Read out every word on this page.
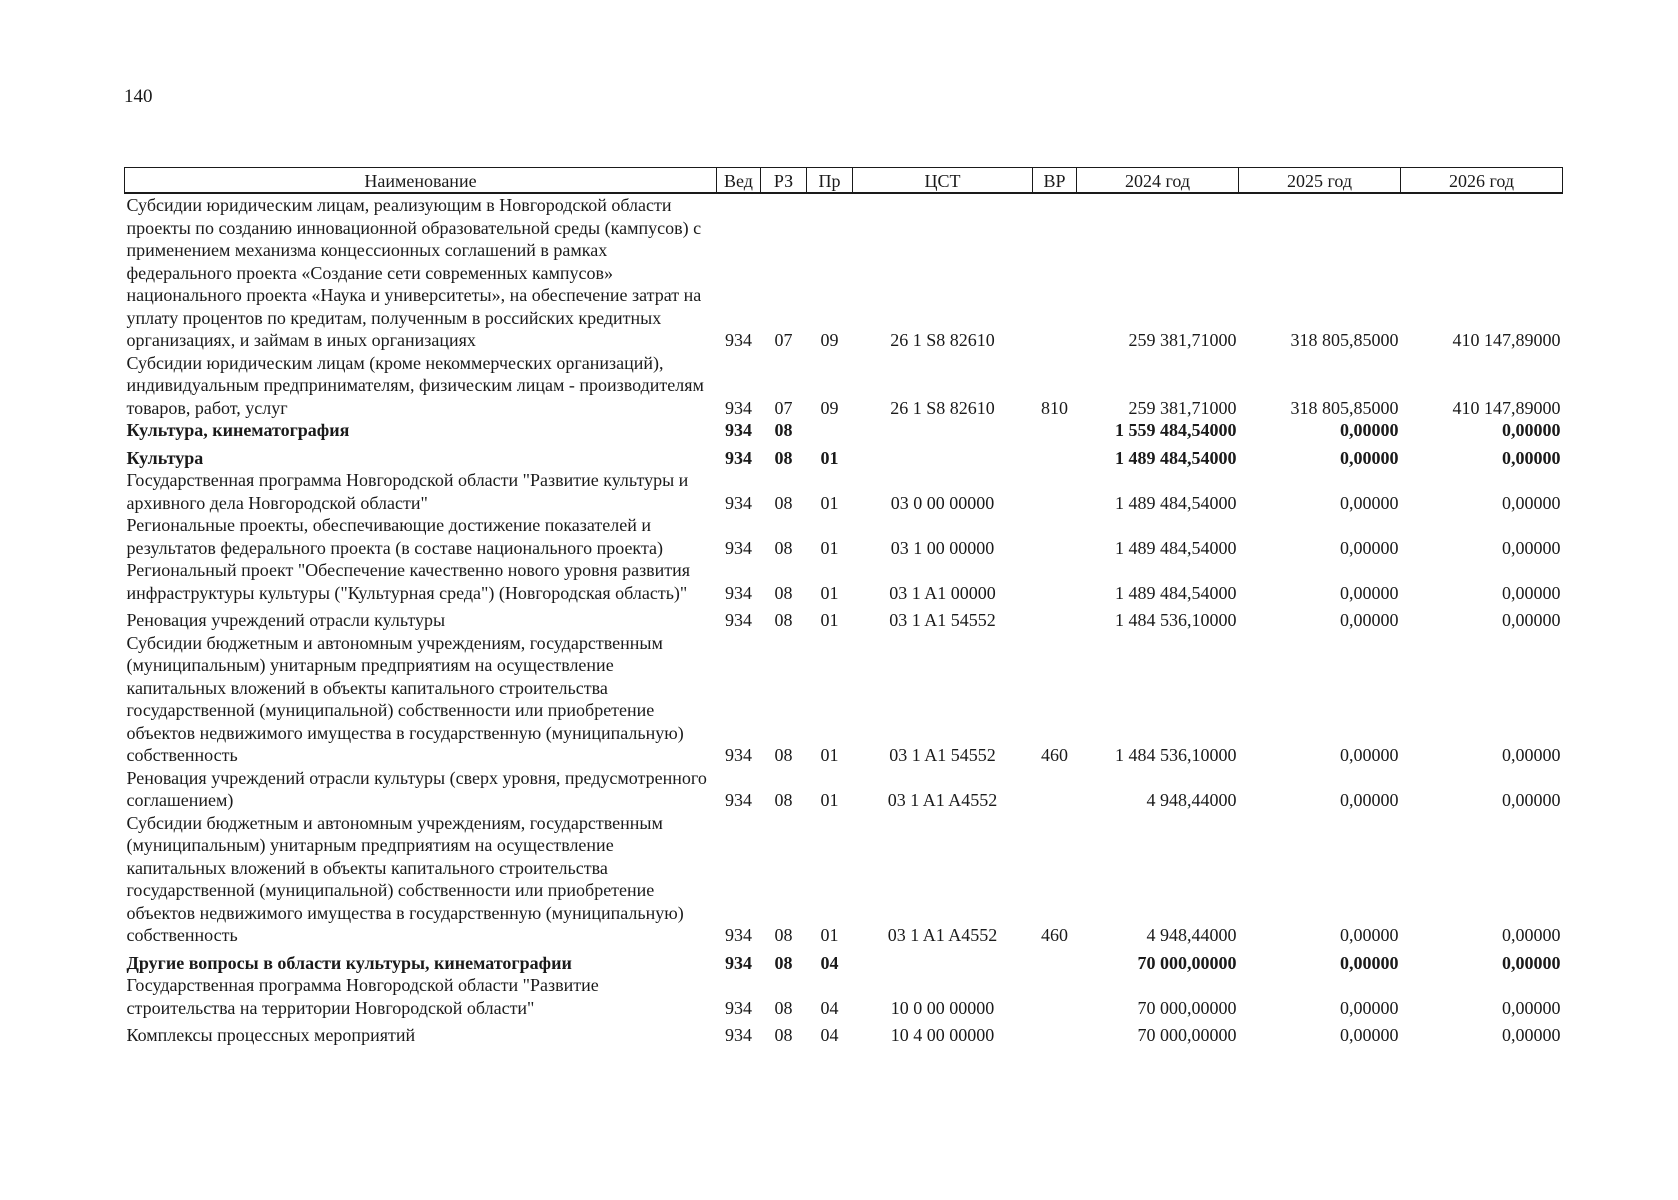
140
Наименование	Вед	РЗ	Пр	ЦСТ	ВР	2024 год	2025 год	2026 год
Субсидии юридическим лицам, реализующим в Новгородской области проекты по созданию инновационной образовательной среды (кампусов) с применением механизма концессионных соглашений в рамках федерального проекта «Создание сети современных кампусов» национального проекта «Наука и университеты», на обеспечение затрат на уплату процентов по кредитам, полученным в российских кредитных организациях, и займам в иных организациях	934	07	09	26 1 S8 82610		259 381,71000	318 805,85000	410 147,89000
Субсидии юридическим лицам (кроме некоммерческих организаций), индивидуальным предпринимателям, физическим лицам - производителям товаров, работ, услуг	934	07	09	26 1 S8 82610	810	259 381,71000	318 805,85000	410 147,89000
Культура, кинематография	934	08				1 559 484,54000	0,00000	0,00000
Культура	934	08	01			1 489 484,54000	0,00000	0,00000
Государственная программа Новгородской области "Развитие культуры и архивного дела Новгородской области"	934	08	01	03 0 00 00000		1 489 484,54000	0,00000	0,00000
Региональные проекты, обеспечивающие достижение показателей и результатов федерального проекта (в составе национального проекта)	934	08	01	03 1 00 00000		1 489 484,54000	0,00000	0,00000
Региональный проект "Обеспечение качественно нового уровня развития инфраструктуры культуры ("Культурная среда") (Новгородская область)"	934	08	01	03 1 A1 00000		1 489 484,54000	0,00000	0,00000
Реновация учреждений отрасли культуры	934	08	01	03 1 A1 54552		1 484 536,10000	0,00000	0,00000
Субсидии бюджетным и автономным учреждениям, государственным (муниципальным) унитарным предприятиям на осуществление капитальных вложений в объекты капитального строительства государственной (муниципальной) собственности или приобретение объектов недвижимого имущества в государственную (муниципальную) собственность	934	08	01	03 1 A1 54552	460	1 484 536,10000	0,00000	0,00000
Реновация учреждений отрасли культуры (сверх уровня, предусмотренного соглашением)	934	08	01	03 1 A1 A4552		4 948,44000	0,00000	0,00000
Субсидии бюджетным и автономным учреждениям, государственным (муниципальным) унитарным предприятиям на осуществление капитальных вложений в объекты капитального строительства государственной (муниципальной) собственности или приобретение объектов недвижимого имущества в государственную (муниципальную) собственность	934	08	01	03 1 A1 A4552	460	4 948,44000	0,00000	0,00000
Другие вопросы в области культуры, кинематографии	934	08	04			70 000,00000	0,00000	0,00000
Государственная программа Новгородской области "Развитие строительства на территории Новгородской области"	934	08	04	10 0 00 00000		70 000,00000	0,00000	0,00000
Комплексы процессных мероприятий	934	08	04	10 4 00 00000		70 000,00000	0,00000	0,00000
